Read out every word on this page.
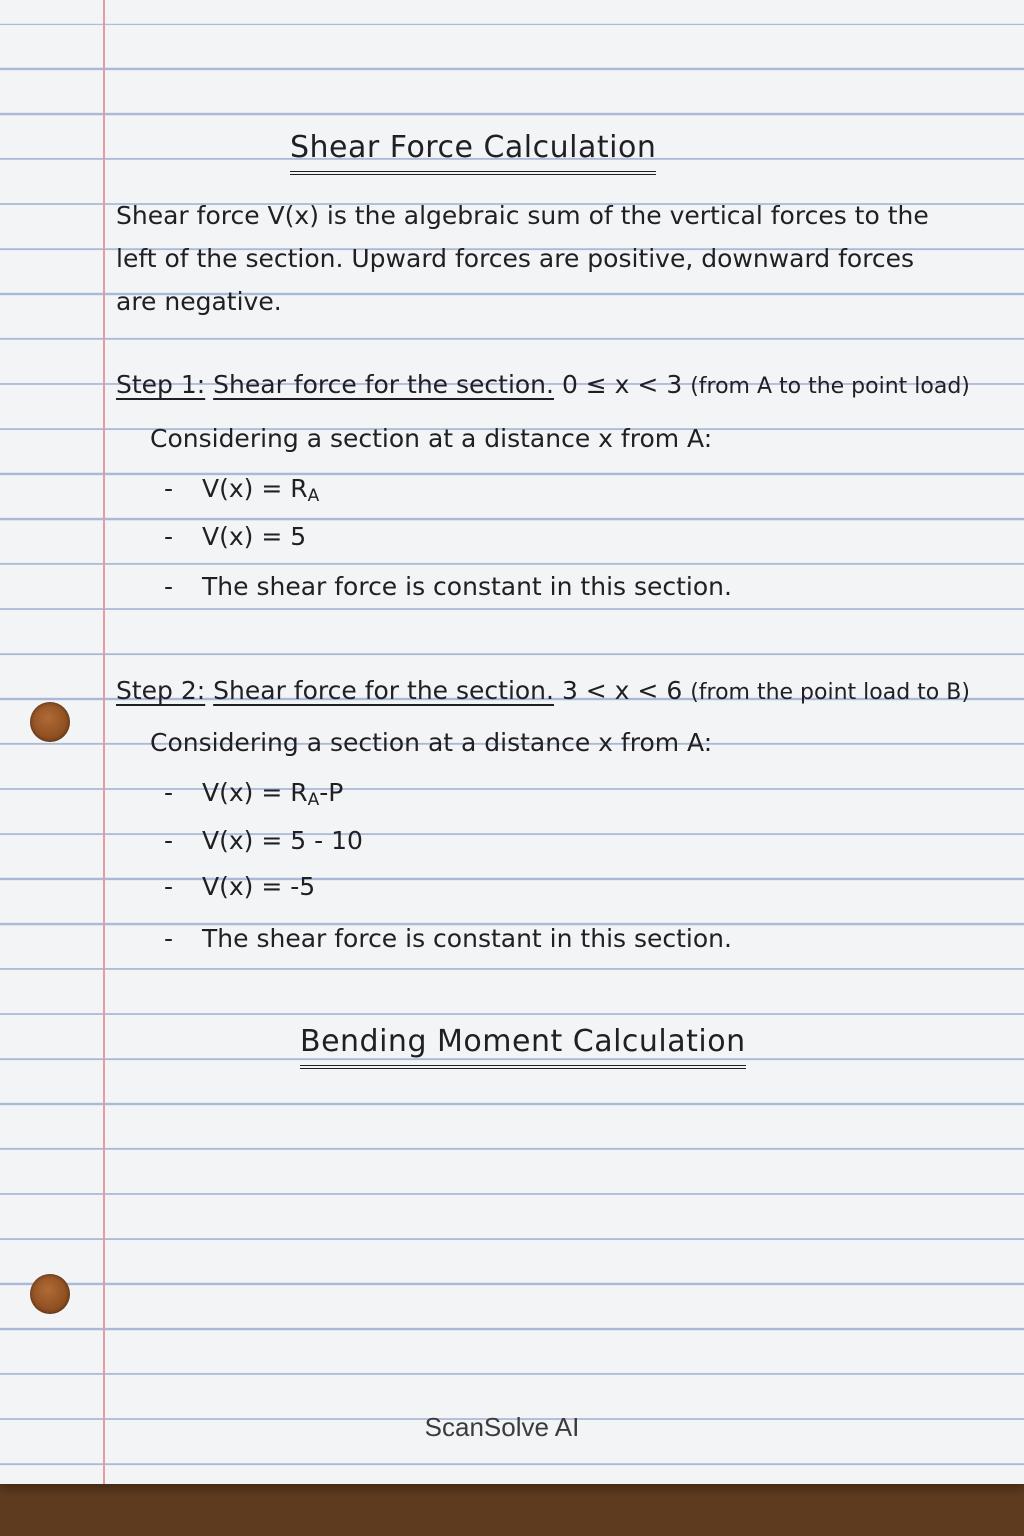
Shear Force Calculation

Shear force V(x) is the algebraic sum of the vertical forces to the left of the section. Upward forces are positive, downward forces are negative.

Step 1: Shear force for the section. 0 ≤ x < 3 (from A to the point load)
Considering a section at a distance x from A:
- $V(x) = R_A$
- V(x) = 5
- The shear force is constant in this section.
Step 2: Shear force for the section. 3 < x < 6 (from the point load to B)
Considering a section at a distance x from A:
- $V(x) = R_A-P$
- V(x) = 5 - 10
- V(x) = -5
- The shear force is constant in this section.
Bending Moment Calculation
ScanSolve AI
